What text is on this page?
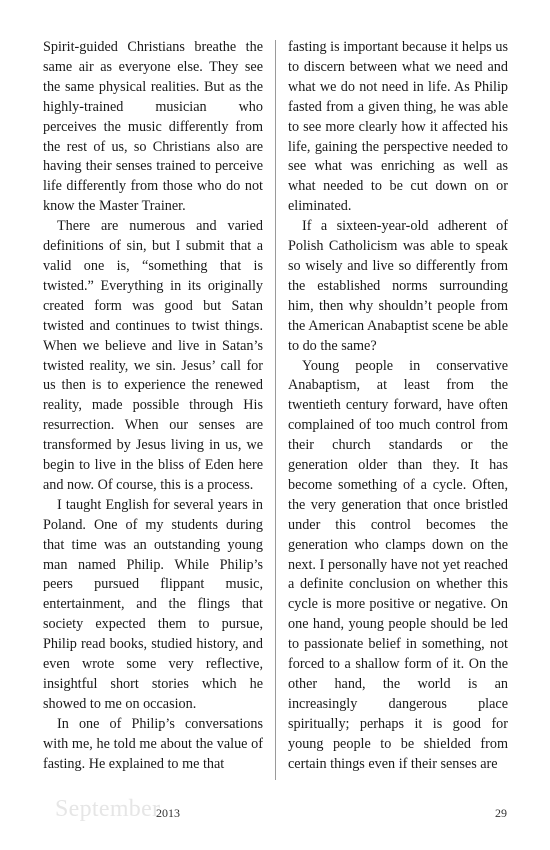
Spirit-guided Christians breathe the same air as everyone else. They see the same physical realities. But as the highly-trained musician who perceives the music differently from the rest of us, so Christians also are having their senses trained to perceive life differently from those who do not know the Master Trainer.

There are numerous and varied definitions of sin, but I submit that a valid one is, “something that is twisted.” Everything in its originally created form was good but Satan twisted and continues to twist things. When we believe and live in Satan’s twisted reality, we sin. Jesus’ call for us then is to experience the renewed reality, made possible through His resurrection. When our senses are transformed by Jesus living in us, we begin to live in the bliss of Eden here and now. Of course, this is a process.

I taught English for several years in Poland. One of my students during that time was an outstanding young man named Philip. While Philip’s peers pursued flippant music, entertainment, and the flings that society expected them to pursue, Philip read books, studied history, and even wrote some very reflective, insightful short stories which he showed to me on occasion.

In one of Philip’s conversations with me, he told me about the value of fasting. He explained to me that

fasting is important because it helps us to discern between what we need and what we do not need in life. As Philip fasted from a given thing, he was able to see more clearly how it affected his life, gaining the perspective needed to see what was enriching as well as what needed to be cut down on or eliminated.

If a sixteen-year-old adherent of Polish Catholicism was able to speak so wisely and live so differently from the established norms surrounding him, then why shouldn’t people from the American Anabaptist scene be able to do the same?

Young people in conservative Anabaptism, at least from the twentieth century forward, have often complained of too much control from their church standards or the generation older than they. It has become something of a cycle. Often, the very generation that once bristled under this control becomes the generation who clamps down on the next. I personally have not yet reached a definite conclusion on whether this cycle is more positive or negative. On one hand, young people should be led to passionate belief in something, not forced to a shallow form of it. On the other hand, the world is an increasingly dangerous place spiritually; perhaps it is good for young people to be shielded from certain things even if their senses are

September
2013	29
